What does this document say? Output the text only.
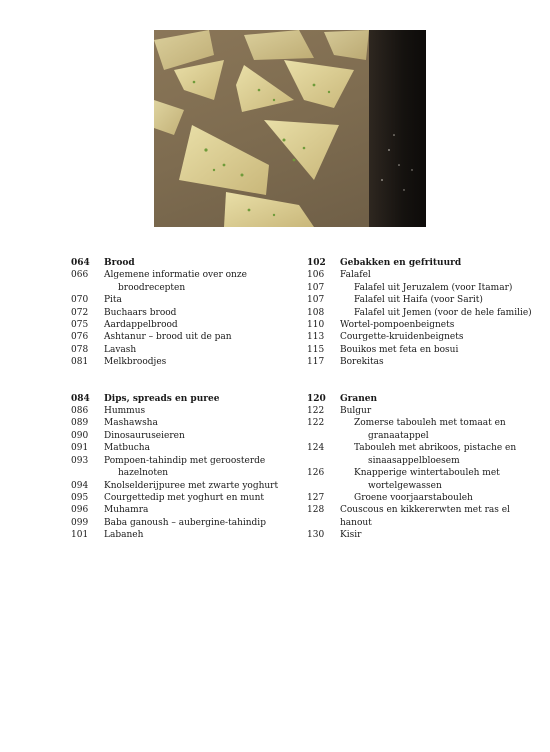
064	Brood
066	Algemene informatie over onze
broodrecepten
070	Pita
072	Buchaars brood
075	Aardappelbrood
076	Ashtanur – brood uit de pan
078	Lavash
081	Melkbroodjes
084	Dips, spreads en puree
086	Hummus
089	Mashawsha
090	Dinosauruseieren
091	Matbucha
093	Pompoen-tahindip met geroosterde
hazelnoten
094	Knolselderijpuree met zwarte yoghurt
095	Courgettedip met yoghurt en munt
096	Muhamra
099	Baba ganoush – aubergine-tahindip
101	Labaneh
102	Gebakken en gefrituurd
106	Falafel
107	Falafel uit Jeruzalem (voor Itamar)
107	Falafel uit Haifa (voor Sarit)
108	Falafel uit Jemen (voor de hele familie)
110	Wortel-pompoenbeignets
113	Courgette-kruidenbeignets
115	Bouikos met feta en bosui
117	Borekitas
120	Granen
122	Bulgur
122	Zomerse tabouleh met tomaat en
granaatappel
124	Tabouleh met abrikoos, pistache en
sinaasappelbloesem
126	Knapperige wintertabouleh met
wortelgewassen
127	Groene voorjaarstabouleh
128	Couscous en kikkererwten met ras el hanout
130	Kisir
